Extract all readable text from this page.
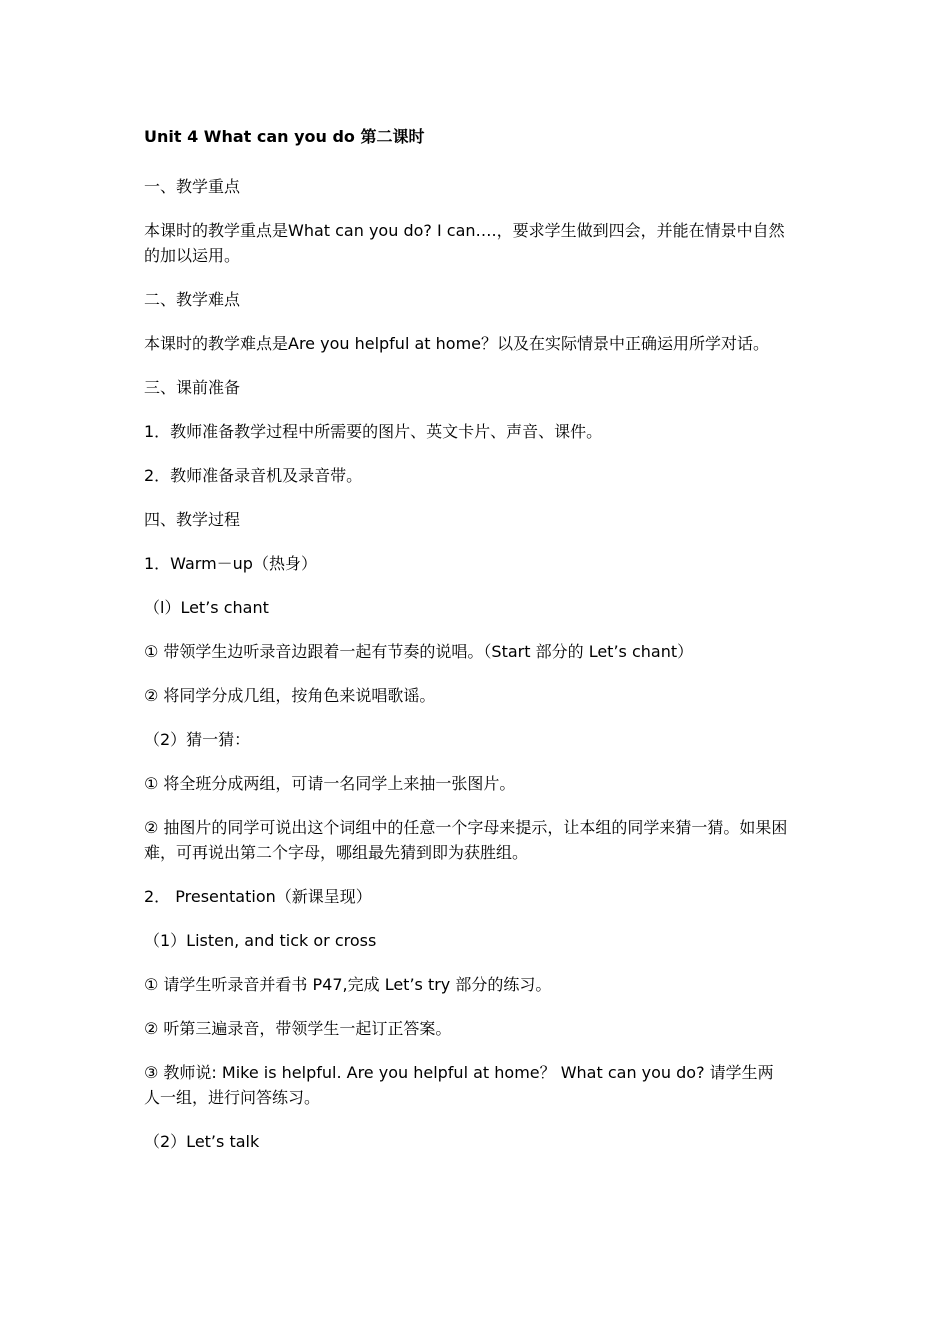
Unit 4 What can you do 第二课时
一、教学重点
本课时的教学重点是What can you do? I can….，要求学生做到四会，并能在情景中自然
的加以运用。
二、教学难点
本课时的教学难点是Are you helpful at home？以及在实际情景中正确运用所学对话。
三、课前准备
1．教师准备教学过程中所需要的图片、英文卡片、声音、课件。
2．教师准备录音机及录音带。
四、教学过程
1．Warm－up（热身）
（l）Let’s chant
① 带领学生边听录音边跟着一起有节奏的说唱。（Start 部分的 Let’s chant）
② 将同学分成几组，按角色来说唱歌谣。
（2）猜一猜：
① 将全班分成两组，可请一名同学上来抽一张图片。
② 抽图片的同学可说出这个词组中的任意一个字母来提示，让本组的同学来猜一猜。如果困
难，可再说出第二个字母，哪组最先猜到即为获胜组。
2． Presentation（新课呈现）
（1）Listen, and tick or cross
① 请学生听录音并看书 P47,完成 Let’s try 部分的练习。
② 听第三遍录音，带领学生一起订正答案。
③ 教师说: Mike is helpful. Are you helpful at home？ What can you do? 请学生两
人一组，进行问答练习。
（2）Let’s talk
